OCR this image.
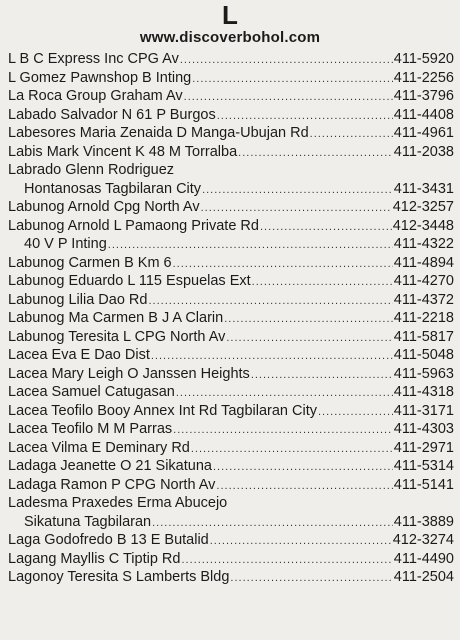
L
www.discoverbohol.com
L B C Express Inc CPG Av .....	411-5920
L Gomez Pawnshop B Inting .....	411-2256
La Roca Group Graham Av .....	411-3796
Labado Salvador N 61 P Burgos .....	411-4408
Labesores Maria Zenaida D Manga-Ubujan Rd .....	411-4961
Labis Mark Vincent K 48 M Torralba .....	411-2038
Labrado Glenn Rodriguez
Hontanosas Tagbilaran City .....	411-3431
Labunog Arnold Cpg North Av .....	412-3257
Labunog Arnold L Pamaong Private Rd .....	412-3448
40 V P Inting .....	411-4322
Labunog Carmen B Km 6 .....	411-4894
Labunog Eduardo L 115 Espuelas Ext .....	411-4270
Labunog Lilia Dao Rd .....	411-4372
Labunog Ma Carmen B J A Clarin .....	411-2218
Labunog Teresita L CPG North Av .....	411-5817
Lacea Eva E Dao Dist .....	411-5048
Lacea Mary Leigh O Janssen Heights .....	411-5963
Lacea Samuel Catugasan .....	411-4318
Lacea Teofilo Booy Annex Int Rd Tagbilaran City .....	411-3171
Lacea Teofilo M M Parras .....	411-4303
Lacea Vilma E Deminary Rd .....	411-2971
Ladaga Jeanette O 21 Sikatuna .....	411-5314
Ladaga Ramon P CPG North Av .....	411-5141
Ladesma Praxedes Erma Abucejo
Sikatuna Tagbilaran .....	411-3889
Laga Godofredo B 13 E Butalid .....	412-3274
Lagang Mayllis C Tiptip Rd .....	411-4490
Lagonoy Teresita S Lamberts Bldg .....	411-2504
